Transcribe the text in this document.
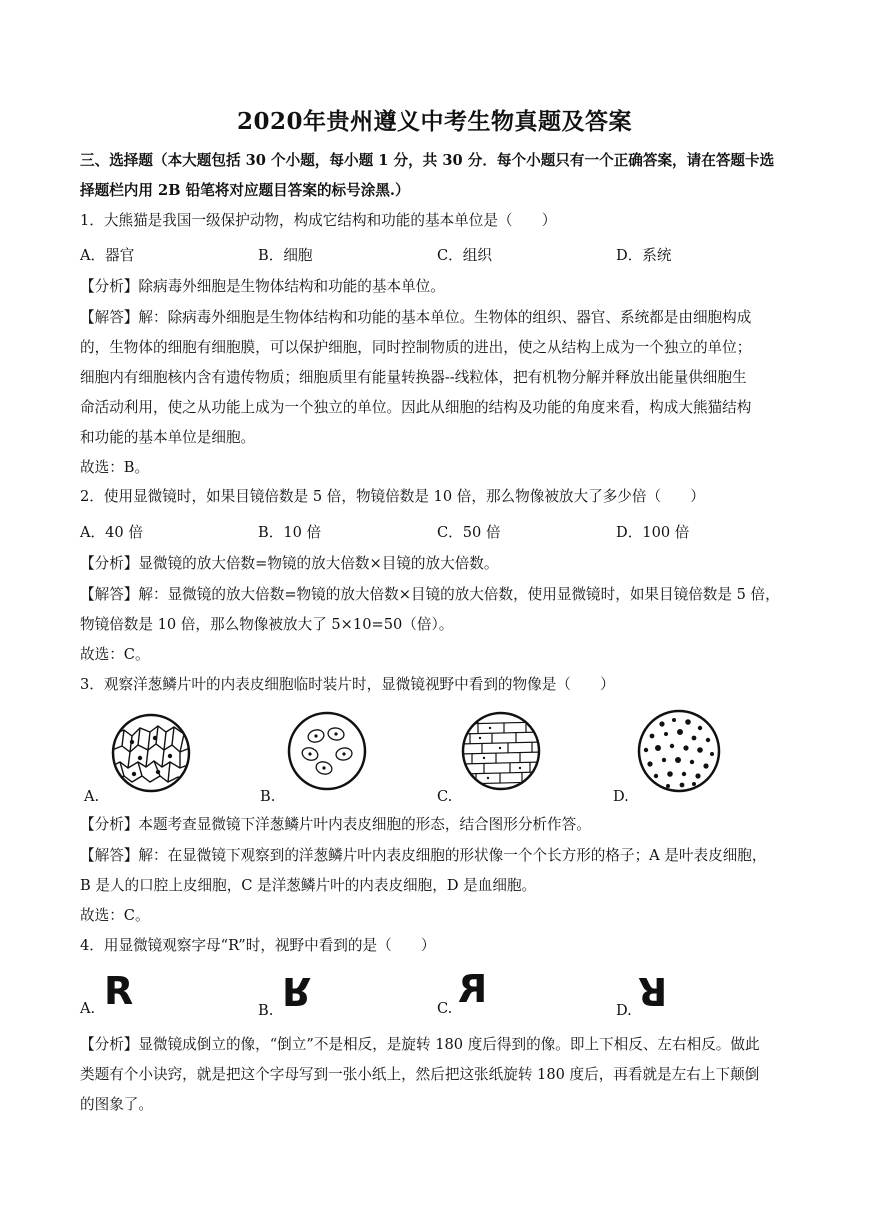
2020年贵州遵义中考生物真题及答案
三、选择题（本大题包括 30 个小题，每小题 1 分，共 30 分．每个小题只有一个正确答案，请在答题卡选
择题栏内用 2B 铅笔将对应题目答案的标号涂黑.）
1．大熊猫是我国一级保护动物，构成它结构和功能的基本单位是（　　）
A．器官	B．细胞	C．组织	D．系统
【分析】除病毒外细胞是生物体结构和功能的基本单位。
【解答】解：除病毒外细胞是生物体结构和功能的基本单位。生物体的组织、器官、系统都是由细胞构成
的，生物体的细胞有细胞膜，可以保护细胞，同时控制物质的进出，使之从结构上成为一个独立的单位；
细胞内有细胞核内含有遗传物质；细胞质里有能量转换器--线粒体，把有机物分解并释放出能量供细胞生
命活动利用，使之从功能上成为一个独立的单位。因此从细胞的结构及功能的角度来看，构成大熊猫结构
和功能的基本单位是细胞。
故选：B。
2．使用显微镜时，如果目镜倍数是 5 倍，物镜倍数是 10 倍，那么物像被放大了多少倍（　　）
A．40 倍	B．10 倍	C．50 倍	D．100 倍
【分析】显微镜的放大倍数=物镜的放大倍数×目镜的放大倍数。
【解答】解：显微镜的放大倍数=物镜的放大倍数×目镜的放大倍数，使用显微镜时，如果目镜倍数是 5 倍，
物镜倍数是 10 倍，那么物像被放大了 5×10=50（倍）。
故选：C。
3．观察洋葱鳞片叶的内表皮细胞临时装片时，显微镜视野中看到的物像是（　　）
A.	B.	C.	D.
【分析】本题考查显微镜下洋葱鳞片叶内表皮细胞的形态，结合图形分析作答。
【解答】解：在显微镜下观察到的洋葱鳞片叶内表皮细胞的形状像一个个长方形的格子；A 是叶表皮细胞，
B 是人的口腔上皮细胞，C 是洋葱鳞片叶的内表皮细胞，D 是血细胞。
故选：C。
4．用显微镜观察字母“R”时，视野中看到的是（　　）
A. R	B. R	C. R	D. R
【分析】显微镜成倒立的像，“倒立”不是相反，是旋转 180 度后得到的像。即上下相反、左右相反。做此
类题有个小诀窍，就是把这个字母写到一张小纸上，然后把这张纸旋转 180 度后，再看就是左右上下颠倒
的图象了。
